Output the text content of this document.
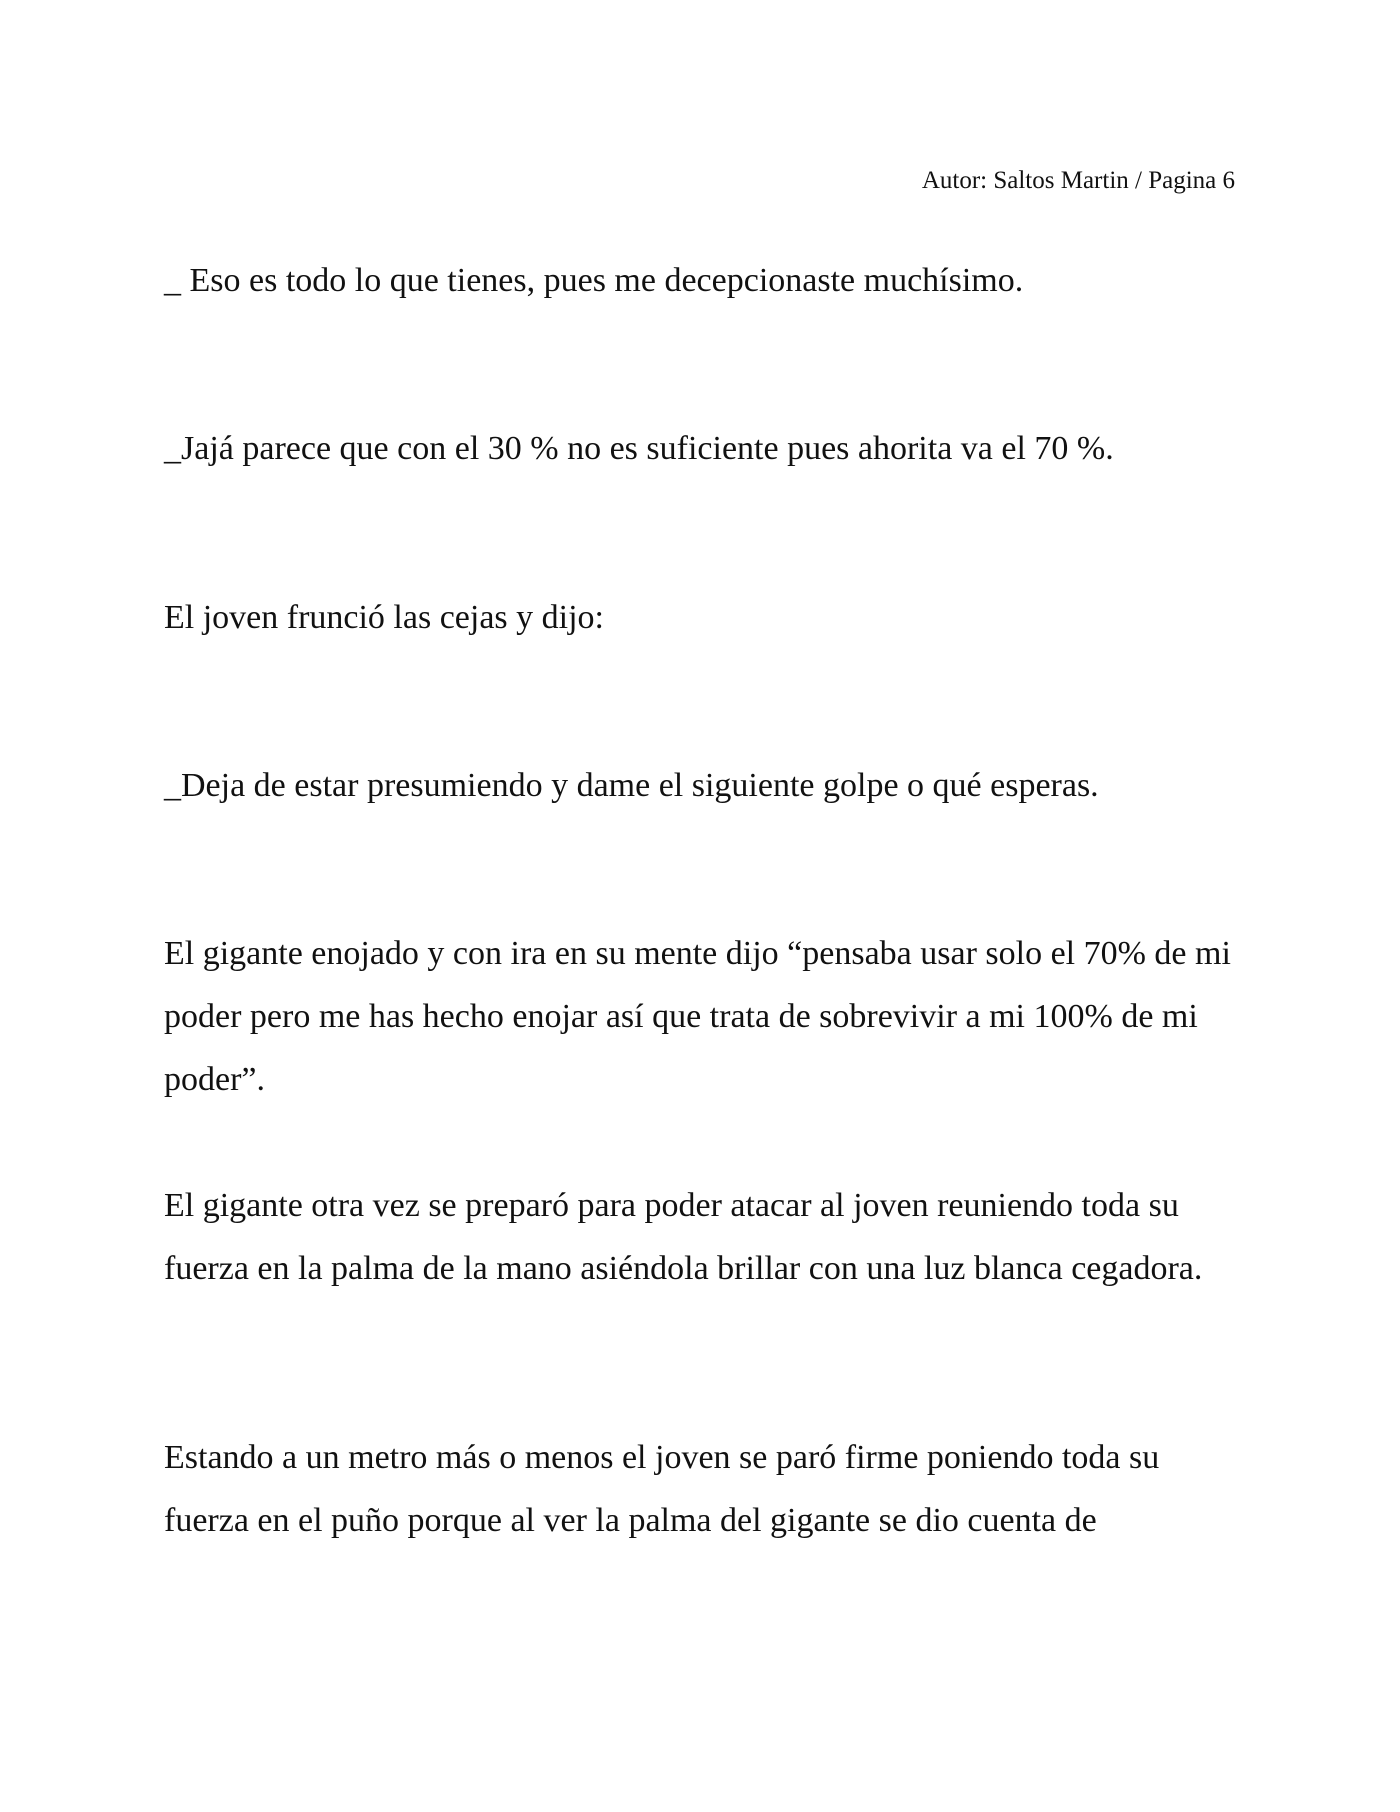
Autor: Saltos Martin / Pagina 6

_ Eso es todo lo que tienes, pues me decepcionaste muchísimo.

_Jajá parece que con el 30 % no es suficiente pues ahorita va el 70 %.

El joven frunció las cejas y dijo:

_Deja de estar presumiendo y dame el siguiente golpe o qué esperas.

El gigante enojado y con ira en su mente dijo “pensaba usar solo el 70% de mi poder pero me has hecho enojar así que trata de sobrevivir a mi 100% de mi poder”.

El gigante otra vez se preparó para poder atacar al joven reuniendo toda su fuerza en la palma de la mano asiéndola brillar con una luz blanca cegadora.

Estando a un metro más o menos el joven se paró firme poniendo toda su fuerza en el puño porque al ver la palma del gigante se dio cuenta de
